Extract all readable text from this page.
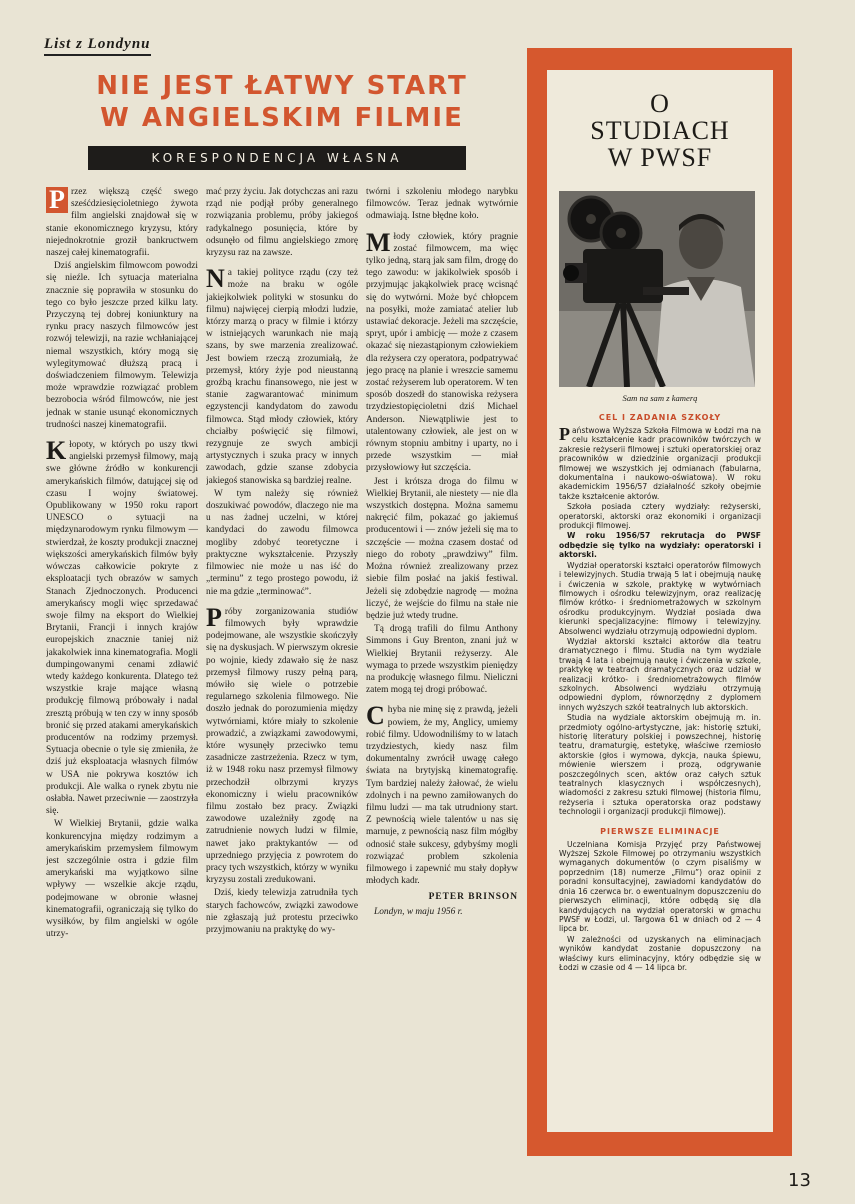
List z Londynu
NIE JEST ŁATWY START
W ANGIELSKIM FILMIE
KORESPONDENCJA WŁASNA

P rzez większą część swego sześćdziesięcioletniego żywota film angielski znajdował się w stanie ekonomicznego kryzysu, który niejednokrotnie groził bankructwem naszej całej kinematografii.

Dziś angielskim filmowcom powodzi się nieźle. Ich sytuacja materialna znacznie się poprawiła w stosunku do tego co było jeszcze przed kilku laty. Przyczyną tej dobrej koniunktury na rynku pracy naszych filmowców jest rozwój telewizji, na razie wchłaniającej niemal wszystkich, który mogą się wylegitymować dłuższą pracą i doświadczeniem filmowym. Telewizja może wprawdzie rozwiązać problem bezrobocia wśród filmowców, nie jest jednak w stanie usunąć ekonomicznych trudności naszej kinematografii.

Kłopoty, w których po uszy tkwi angielski przemysł filmowy, mają swe główne źródło w konkurencji amerykańskich filmów, datującej się od czasu I wojny światowej. Opublikowany w 1950 roku raport UNESCO o sytuacji na międzynarodowym rynku filmowym — stwierdzał, że koszty produkcji znacznej większości amerykańskich filmów były wówczas całkowicie pokryte z eksploatacji tych obrazów w samych Stanach Zjednoczonych. Producenci amerykańscy mogli więc sprzedawać swoje filmy na eksport do Wielkiej Brytanii, Francji i innych krajów europejskich znacznie taniej niż jakakolwiek inna kinematografia. Mogli dumpingowanymi cenami zdławić wtedy każdego konkurenta. Dlatego też wszystkie kraje mające własną produkcję filmową próbowały i nadal zresztą próbują w ten czy w inny sposób bronić się przed atakami amerykańskich producentów na rodzimy przemysł. Sytuacja obecnie o tyle się zmieniła, że dziś już eksploatacja własnych filmów w USA nie pokrywa kosztów ich produkcji. Ale walka o rynek zbytu nie osłabła. Nawet przeciwnie — zaostrzyła się.

W Wielkiej Brytanii, gdzie walka konkurencyjna między rodzimym a amerykańskim przemysłem filmowym jest szczególnie ostra i gdzie film amerykański ma wyjątkowo silne wpływy — wszelkie akcje rządu, podejmowane w obronie własnej kinematografii, ograniczają się tylko do wysiłków, by film angielski w ogóle utrzy-

mać przy życiu. Jak dotychczas ani razu rząd nie podjął próby generalnego rozwiązania problemu, próby jakiegoś radykalnego posunięcia, które by odsunęło od filmu angielskiego zmorę kryzysu raz na zawsze.

Na takiej polityce rządu (czy też może na braku w ogóle jakiejkolwiek polityki w stosunku do filmu) najwięcej cierpią młodzi ludzie, którzy marzą o pracy w filmie i którzy w istniejących warunkach nie mają szans, by swe marzenia zrealizować. Jest bowiem rzeczą zrozumiałą, że przemysł, który żyje pod nieustanną groźbą krachu finansowego, nie jest w stanie zagwarantować minimum egzystencji kandydatom do zawodu filmowca. Stąd młody człowiek, który chciałby poświęcić się filmowi, rezygnuje ze swych ambicji artystycznych i szuka pracy w innych zawodach, gdzie szanse zdobycia jakiegoś stanowiska są bardziej realne.

W tym należy się również doszukiwać powodów, dlaczego nie ma u nas żadnej uczelni, w której kandydaci do zawodu filmowca mogliby zdobyć teoretyczne i praktyczne wykształcenie. Przyszły filmowiec nie może u nas iść do „terminu” z tego prostego powodu, iż nie ma gdzie „terminować”.

Próby zorganizowania studiów filmowych były wprawdzie podejmowane, ale wszystkie skończyły się na dyskusjach. W pierwszym okresie po wojnie, kiedy zdawało się że nasz przemysł filmowy ruszy pełną parą, mówiło się wiele o potrzebie regularnego szkolenia filmowego. Nie doszło jednak do porozumienia między wytwórniami, które miały to szkolenie prowadzić, a związkami zawodowymi, które wysunęły przeciwko temu zasadnicze zastrzeżenia. Rzecz w tym, iż w 1948 roku nasz przemysł filmowy przechodził olbrzymi kryzys ekonomiczny i wielu pracowników filmu zostało bez pracy. Związki zawodowe uzależniły zgodę na zatrudnienie nowych ludzi w filmie, nawet jako praktykantów — od uprzedniego przyjęcia z powrotem do pracy tych wszystkich, którzy w wyniku kryzysu zostali zredukowani.

Dziś, kiedy telewizja zatrudniła tych starych fachowców, związki zawodowe nie zgłaszają już protestu przeciwko przyjmowaniu na praktykę do wy-

twórni i szkoleniu młodego narybku filmowców. Teraz jednak wytwórnie odmawiają. Istne błędne koło.

Młody człowiek, który pragnie zostać filmowcem, ma więc tylko jedną, starą jak sam film, drogę do tego zawodu: w jakikolwiek sposób i przyjmując jakąkolwiek pracę wcisnąć się do wytwórni. Może być chłopcem na posyłki, może zamiatać atelier lub ustawiać dekoracje. Jeżeli ma szczęście, spryt, upór i ambicję — może z czasem okazać się niezastąpionym człowiekiem dla reżysera czy operatora, podpatrywać jego pracę na planie i wreszcie samemu zostać reżyserem lub operatorem. W ten sposób doszedł do stanowiska reżysera trzydziestopięcioletni dziś Michael Anderson. Niewątpliwie jest to utalentowany człowiek, ale jest on w równym stopniu ambitny i uparty, no i przede wszystkim — miał przysłowiowy łut szczęścia.

Jest i krótsza droga do filmu w Wielkiej Brytanii, ale niestety — nie dla wszystkich dostępna. Można samemu nakręcić film, pokazać go jakiemuś producentowi i — znów jeżeli się ma to szczęście — można czasem dostać od niego do roboty „prawdziwy” film. Można również zrealizowany przez siebie film posłać na jakiś festiwal. Jeżeli się zdobędzie nagrodę — można liczyć, że wejście do filmu na stałe nie będzie już wtedy trudne.

Tą drogą trafili do filmu Anthony Simmons i Guy Brenton, znani już w Wielkiej Brytanii reżyserzy. Ale wymaga to przede wszystkim pieniędzy na produkcję własnego filmu. Nieliczni zatem mogą tej drogi próbować.

Chyba nie minę się z prawdą, jeżeli powiem, że my, Anglicy, umiemy robić filmy. Udowodniliśmy to w latach trzydziestych, kiedy nasz film dokumentalny zwrócił uwagę całego świata na brytyjską kinematografię. Tym bardziej należy żałować, że wielu zdolnych i na pewno zamiłowanych do filmu ludzi — ma tak utrudniony start. Z pewnością wiele talentów u nas się marnuje, z pewnością nasz film mógłby odnosić stałe sukcesy, gdybyśmy mogli rozwiązać problem szkolenia filmowego i zapewnić mu stały dopływ młodych kadr.

PETER BRINSON

Londyn, w maju 1956 r.

O
STUDIACH
W PWSF
Sam na sam z kamerą
CEL I ZADANIA SZKOŁY

Państwowa Wyższa Szkoła Filmowa w Łodzi ma na celu kształcenie kadr pracowników twórczych w zakresie reżyserii filmowej i sztuki operatorskiej oraz pracowników w dziedzinie organizacji produkcji filmowej we wszystkich jej odmianach (fabularna, dokumentalna i naukowo-oświatowa). W roku akademickim 1956/57 działalność szkoły obejmie także kształcenie aktorów.

Szkoła posiada cztery wydziały: reżyserski, operatorski, aktorski oraz ekonomiki i organizacji produkcji filmowej.

W roku 1956/57 rekrutacja do PWSF odbędzie się tylko na wydziały: operatorski i aktorski.

Wydział operatorski kształci operatorów filmowych i telewizyjnych. Studia trwają 5 lat i obejmują naukę i ćwiczenia w szkole, praktykę w wytwórniach filmowych i ośrodku telewizyjnym, oraz realizację filmów krótko- i średniometrażowych w szkolnym ośrodku produkcyjnym. Wydział posiada dwa kierunki specjalizacyjne: filmowy i telewizyjny. Absolwenci wydziału otrzymują odpowiedni dyplom.

Wydział aktorski kształci aktorów dla teatru dramatycznego i filmu. Studia na tym wydziale trwają 4 lata i obejmują naukę i ćwiczenia w szkole, praktykę w teatrach dramatycznych oraz udział w realizacji krótko- i średniometrażowych filmów szkolnych. Absolwenci wydziału otrzymują odpowiedni dyplom, równorzędny z dyplomem innych wyższych szkół teatralnych lub aktorskich.

Studia na wydziale aktorskim obejmują m. in. przedmioty ogólno-artystyczne, jak: historię sztuki, historię literatury polskiej i powszechnej, historię teatru, dramaturgię, estetykę, właściwe rzemiosło aktorskie (głos i wymowa, dykcja, nauka śpiewu, mówienie wierszem i prozą, odgrywanie poszczególnych scen, aktów oraz całych sztuk teatralnych klasycznych i współczesnych), wiadomości z zakresu sztuki filmowej (historia filmu, reżyseria i sztuka operatorska oraz podstawy technologii i organizacji produkcji filmowej).

PIERWSZE ELIMINACJE

Uczelniana Komisja Przyjęć przy Państwowej Wyższej Szkole Filmowej po otrzymaniu wszystkich wymaganych dokumentów (o czym pisaliśmy w poprzednim (18) numerze „Filmu”) oraz opinii z poradni konsultacyjnej, zawiadomi kandydatów do dnia 16 czerwca br. o ewentualnym dopuszczeniu do pierwszych eliminacji, które odbędą się dla kandydujących na wydział operatorski w gmachu PWSF w Łodzi, ul. Targowa 61 w dniach od 2 — 4 lipca br.

W zależności od uzyskanych na eliminacjach wyników kandydat zostanie dopuszczony na właściwy kurs eliminacyjny, który odbędzie się w Łodzi w czasie od 4 — 14 lipca br.

13
